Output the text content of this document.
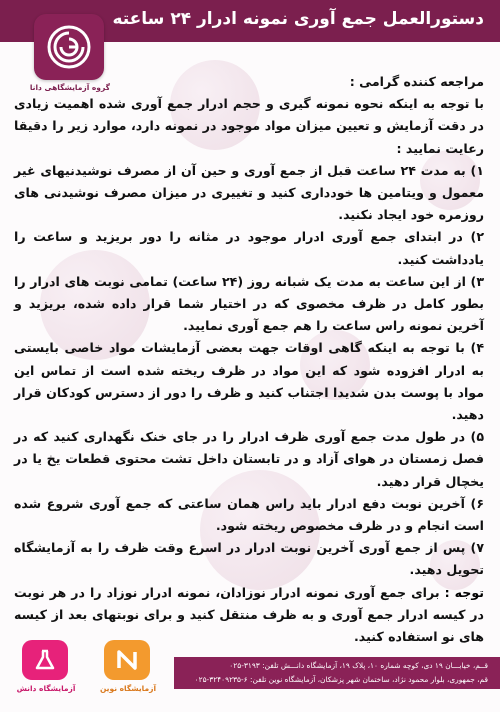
دستورالعمل جمع آوری نمونه ادرار ۲۴ ساعته
گروه آزمایشگاهی دانا	مراجعه کننده گرامی :

با توجه به اینکه نحوه نمونه گیری و حجم ادرار جمع آوری شده اهمیت زیادی در دقت آزمایش و تعیین میزان مواد موجود در نمونه دارد، موارد زیر را دقیقا رعایت نمایید :

۱) به مدت ۲۴ ساعت قبل از جمع آوری و حین آن از مصرف نوشیدنیهای غیر معمول و ویتامین ها خودداری کنید و تغییری در میزان مصرف نوشیدنی های روزمره خود ایجاد نکنید.

۲) در ابتدای جمع آوری ادرار موجود در مثانه را دور بریزید و ساعت را یادداشت کنید.

۳) از این ساعت به مدت یک شبانه روز (۲۴ ساعت) تمامی نوبت های ادرار را بطور کامل در ظرف مخصوی که در اختیار شما قرار داده شده، بریزید و آخرین نمونه راس ساعت را هم جمع آوری نمایید.

۴) با توجه به اینکه گاهی اوقات جهت بعضی آزمایشات مواد خاصی بایستی به ادرار افزوده شود که این مواد در ظرف ریخته شده است از تماس این مواد با پوست بدن شدیدا اجتناب کنید و ظرف را دور از دسترس کودکان قرار دهید.

۵) در طول مدت جمع آوری ظرف ادرار را در جای خنک نگهداری کنید که در فصل زمستان در هوای آزاد و در تابستان داخل تشت محتوی قطعات یخ یا در یخچال قرار دهید.

۶) آخرین نوبت دفع ادرار باید راس همان ساعتی که جمع آوری شروع شده است انجام و در ظرف مخصوص ریخته شود.

۷) پس از جمع آوری آخرین نوبت ادرار در اسرع وقت ظرف را به آزمایشگاه تحویل دهید.

توجه : برای جمع آوری نمونه ادرار نوزادان، نمونه ادرار نوزاد را در هر نوبت در کیسه ادرار جمع آوری و به ظرف منتقل کنید و برای نوبتهای بعد از کیسه های نو استفاده کنید.

قــم، خیابـــان ۱۹ دی، کوچه شماره ۱۰، پلاک ۱۹، آزمایشگاه دانـــش تلفن: ۳۱۹۳-۰۲۵
قم، جمهوری، بلوار محمود نژاد، ساختمان شهر پزشکان، آزمایشگاه نوین تلفن: ۶-۳۲۴۰۹۲۳۵-۰۲۵
آزمایشگاه نوین
آزمایشگاه دانش
